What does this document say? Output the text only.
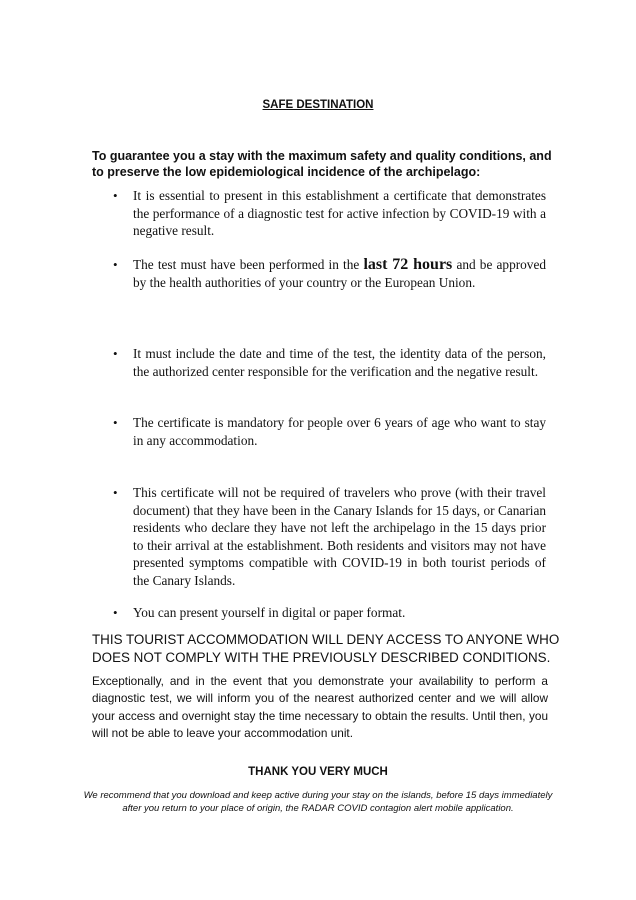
SAFE DESTINATION
To guarantee you a stay with the maximum safety and quality conditions, and to preserve the low epidemiological incidence of the archipelago:
•	It is essential to present in this establishment a certificate that demonstrates the performance of a diagnostic test for active infection by COVID-19 with a negative result.
•	The test must have been performed in the last 72 hours and be approved by the health authorities of your country or the European Union.
•	It must include the date and time of the test, the identity data of the person, the authorized center responsible for the verification and the negative result.
•	The certificate is mandatory for people over 6 years of age who want to stay in any accommodation.
•	This certificate will not be required of travelers who prove (with their travel document) that they have been in the Canary Islands for 15 days, or Canarian residents who declare they have not left the archipelago in the 15 days prior to their arrival at the establishment. Both residents and visitors may not have presented symptoms compatible with COVID-19 in both tourist periods of the Canary Islands.
•	You can present yourself in digital or paper format.
THIS TOURIST ACCOMMODATION WILL DENY ACCESS TO ANYONE WHO DOES NOT COMPLY WITH THE PREVIOUSLY DESCRIBED CONDITIONS.
Exceptionally, and in the event that you demonstrate your availability to perform a diagnostic test, we will inform you of the nearest authorized center and we will allow your access and overnight stay the time necessary to obtain the results. Until then, you will not be able to leave your accommodation unit.
THANK YOU VERY MUCH
We recommend that you download and keep active during your stay on the islands, before 15 days immediately after you return to your place of origin, the RADAR COVID contagion alert mobile application.
